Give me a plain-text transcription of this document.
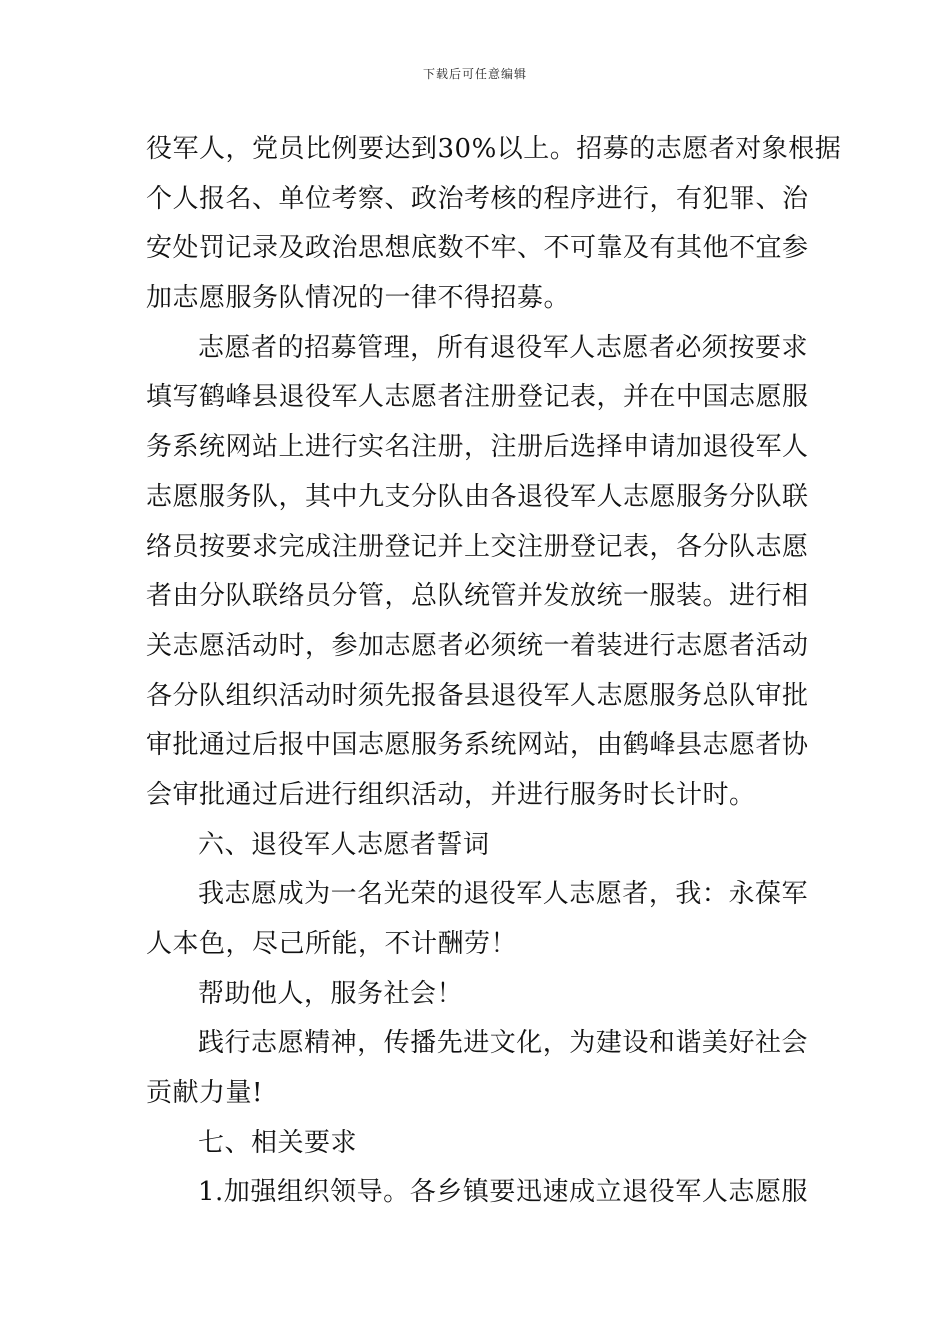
下载后可任意编辑
役军人，党员比例要达到30%以上。招募的志愿者对象根据
个人报名、单位考察、政治考核的程序进行，有犯罪、治
安处罚记录及政治思想底数不牢、不可靠及有其他不宜参
加志愿服务队情况的一律不得招募。
志愿者的招募管理，所有退役军人志愿者必须按要求
填写鹤峰县退役军人志愿者注册登记表，并在中国志愿服
务系统网站上进行实名注册，注册后选择申请加退役军人
志愿服务队，其中九支分队由各退役军人志愿服务分队联
络员按要求完成注册登记并上交注册登记表，各分队志愿
者由分队联络员分管，总队统管并发放统一服装。进行相
关志愿活动时，参加志愿者必须统一着装进行志愿者活动
各分队组织活动时须先报备县退役军人志愿服务总队审批
审批通过后报中国志愿服务系统网站，由鹤峰县志愿者协
会审批通过后进行组织活动，并进行服务时长计时。
六、退役军人志愿者誓词
我志愿成为一名光荣的退役军人志愿者，我：永葆军
人本色，尽己所能，不计酬劳！
帮助他人，服务社会！
践行志愿精神，传播先进文化，为建设和谐美好社会
贡献力量!
七、相关要求
1.加强组织领导。各乡镇要迅速成立退役军人志愿服
